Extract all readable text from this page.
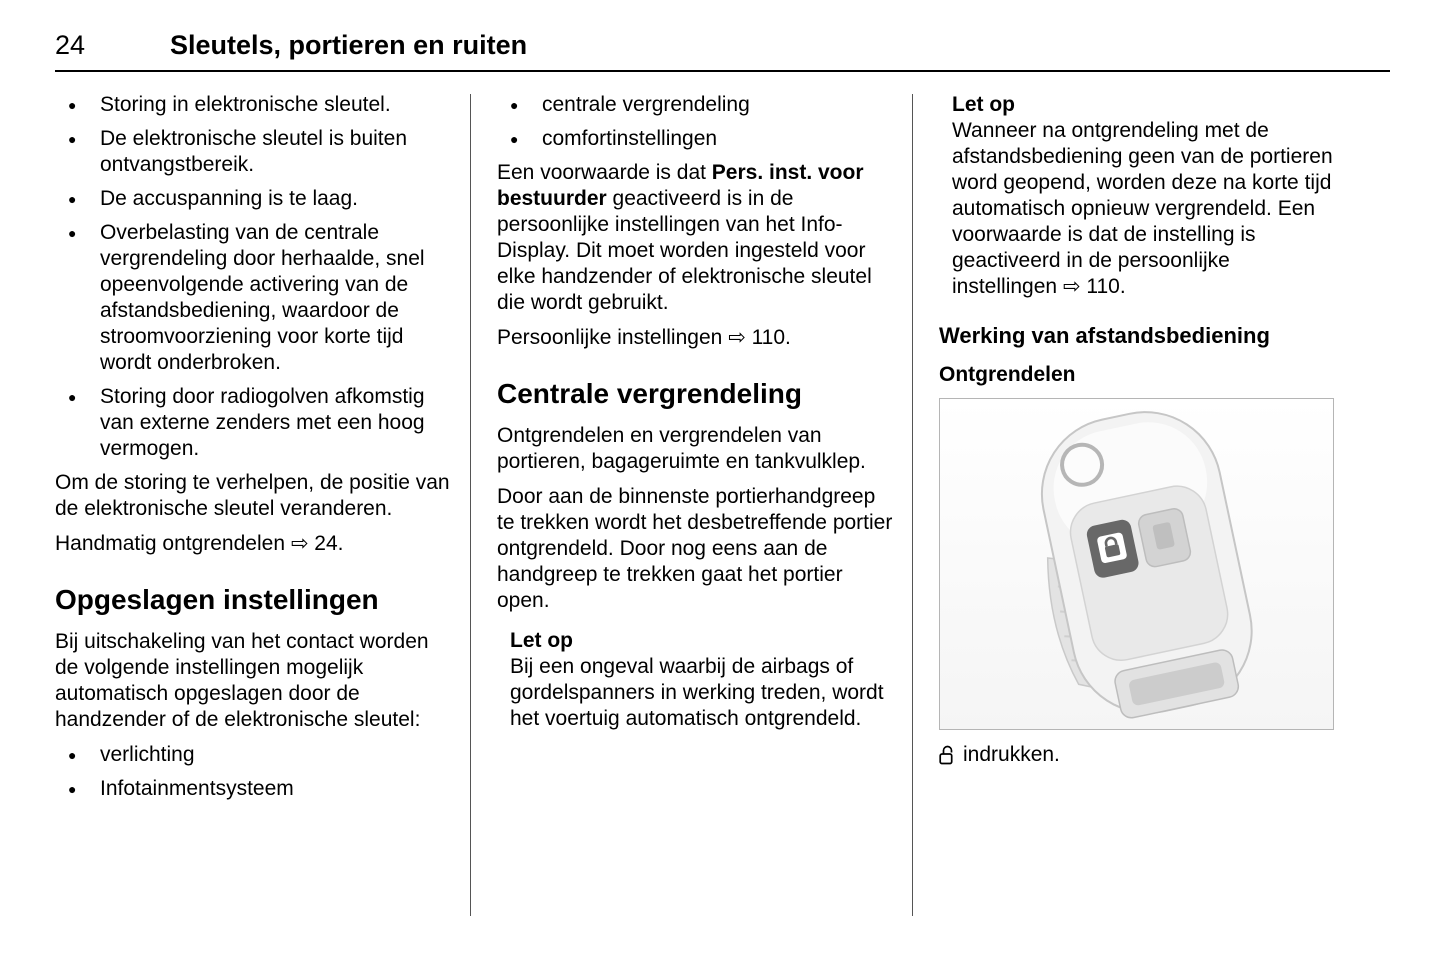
24	Sleutels, portieren en ruiten
●	Storing in elektronische sleutel.
●	De elektronische sleutel is buiten ontvangstbereik.
●	De accuspanning is te laag.
●	Overbelasting van de centrale vergrendeling door herhaalde, snel opeenvolgende activering van de afstandsbediening, waardoor de stroomvoorziening voor korte tijd wordt onderbroken.
●	Storing door radiogolven afkomstig van externe zenders met een hoog vermogen.

Om de storing te verhelpen, de positie van de elektronische sleutel veranderen.

Handmatig ontgrendelen ⇨ 24.

Opgeslagen instellingen

Bij uitschakeling van het contact worden de volgende instellingen mogelijk automatisch opgeslagen door de handzender of de elektronische sleutel:

●	verlichting
●	Infotainmentsysteem
●	centrale vergrendeling
●	comfortinstellingen

Een voorwaarde is dat Pers. inst. voor bestuurder geactiveerd is in de persoonlijke instellingen van het Info-Display. Dit moet worden ingesteld voor elke handzender of elektronische sleutel die wordt gebruikt.

Persoonlijke instellingen ⇨ 110.

Centrale vergrendeling

Ontgrendelen en vergrendelen van portieren, bagageruimte en tankvulklep.

Door aan de binnenste portierhandgreep te trekken wordt het desbetreffende portier ontgrendeld. Door nog eens aan de handgreep te trekken gaat het portier open.

Let op

Bij een ongeval waarbij de airbags of gordelspanners in werking treden, wordt het voertuig automatisch ontgrendeld.

Let op

Wanneer na ontgrendeling met de afstandsbediening geen van de portieren word geopend, worden deze na korte tijd automatisch opnieuw vergrendeld. Een voorwaarde is dat de instelling is geactiveerd in de persoonlijke instellingen ⇨ 110.

Werking van afstandsbediening
Ontgrendelen
indrukken.
